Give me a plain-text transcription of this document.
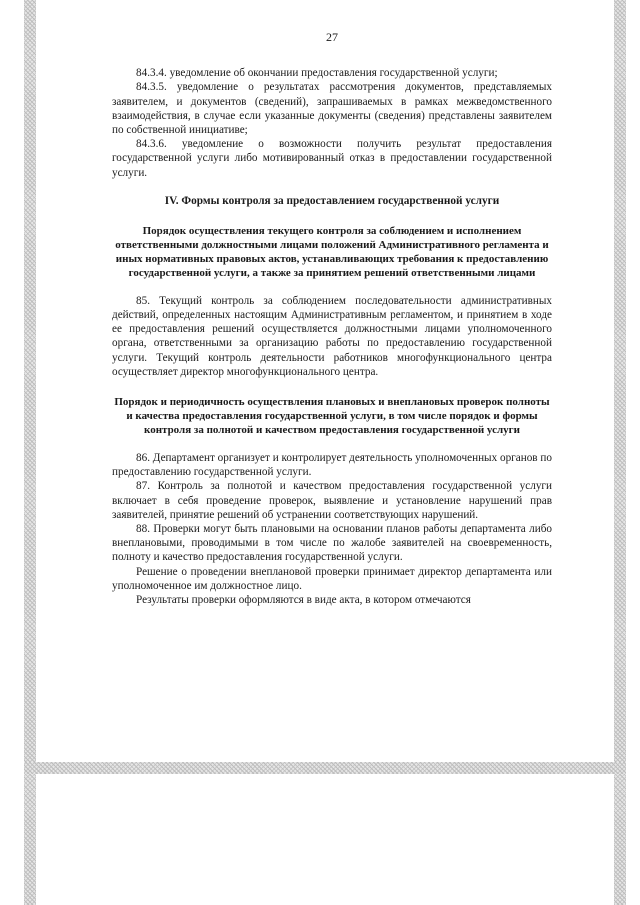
27

84.3.4. уведомление об окончании предоставления государственной услуги;

84.3.5. уведомление о результатах рассмотрения документов, представляемых заявителем, и документов (сведений), запрашиваемых в рамках межведомственного взаимодействия, в случае если указанные документы (сведения) представлены заявителем по собственной инициативе;

84.3.6. уведомление о возможности получить результат предоставления государственной услуги либо мотивированный отказ в предоставлении государственной услуги.

IV. Формы контроля за предоставлением государственной услуги
Порядок осуществления текущего контроля за соблюдением и исполнением ответственными должностными лицами положений Административного регламента и иных нормативных правовых актов, устанавливающих требования к предоставлению государственной услуги, а также за принятием решений ответственными лицами

85. Текущий контроль за соблюдением последовательности административных действий, определенных настоящим Административным регламентом, и принятием в ходе ее предоставления решений осуществляется должностными лицами уполномоченного органа, ответственными за организацию работы по предоставлению государственной услуги. Текущий контроль деятельности работников многофункционального центра осуществляет директор многофункционального центра.

Порядок и периодичность осуществления плановых и внеплановых проверок полноты и качества предоставления государственной услуги, в том числе порядок и формы контроля за полнотой и качеством предоставления государственной услуги

86. Департамент организует и контролирует деятельность уполномоченных органов по предоставлению государственной услуги.

87. Контроль за полнотой и качеством предоставления государственной услуги включает в себя проведение проверок, выявление и установление нарушений прав заявителей, принятие решений об устранении соответствующих нарушений.

88. Проверки могут быть плановыми на основании планов работы департамента либо внеплановыми, проводимыми в том числе по жалобе заявителей на своевременность, полноту и качество предоставления государственной услуги.

Решение о проведении внеплановой проверки принимает директор департамента или уполномоченное им должностное лицо.

Результаты проверки оформляются в виде акта, в котором отмечаются
